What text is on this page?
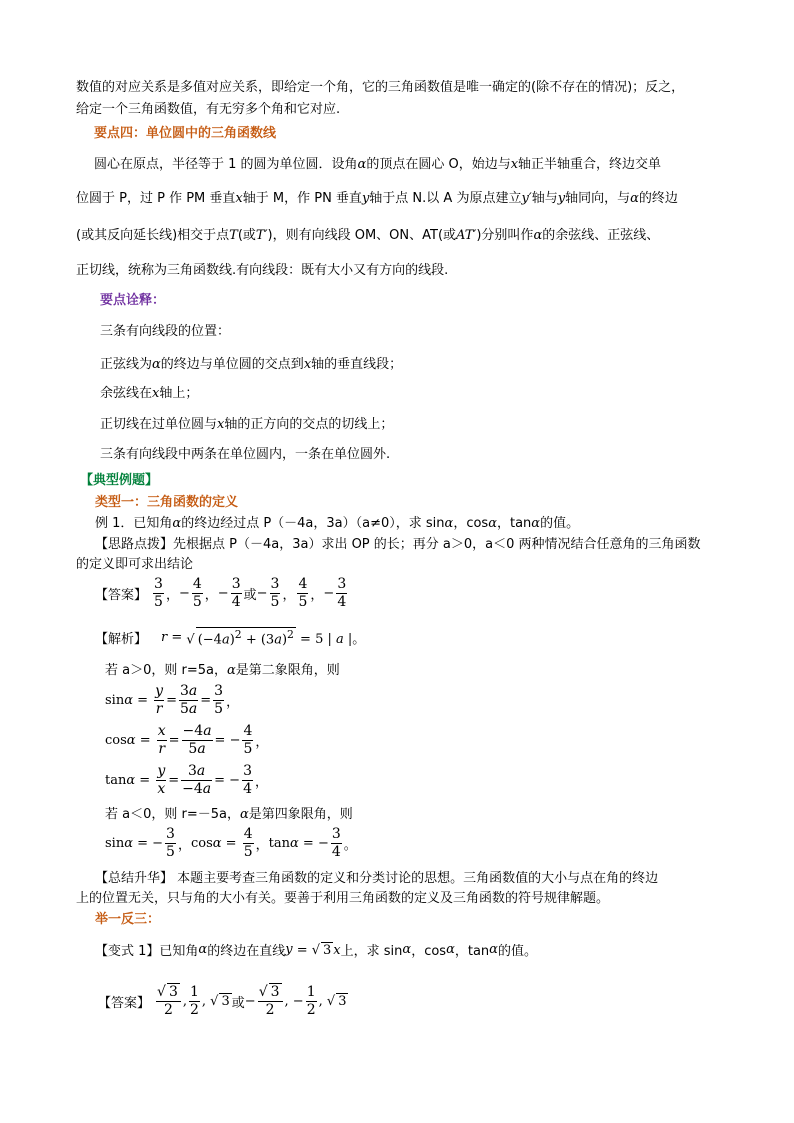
数值的对应关系是多值对应关系，即给定一个角，它的三角函数值是唯一确定的(除不存在的情况)；反之，
给定一个三角函数值，有无穷多个角和它对应.
要点四：单位圆中的三角函数线
圆心在原点，半径等于 1 的圆为单位圆．设角α的顶点在圆心 O，始边与x轴正半轴重合，终边交单
位圆于 P，过 P 作 PM 垂直x轴于 M，作 PN 垂直y轴于点 N.以 A 为原点建立y′轴与y轴同向，与α的终边
(或其反向延长线)相交于点T(或T′)，则有向线段 OM、ON、AT(或AT′)分别叫作α的余弦线、正弦线、
正切线，统称为三角函数线.有向线段：既有大小又有方向的线段.
要点诠释：
三条有向线段的位置：
正弦线为α的终边与单位圆的交点到x轴的垂直线段；
余弦线在x轴上；
正切线在过单位圆与x轴的正方向的交点的切线上；
三条有向线段中两条在单位圆内，一条在单位圆外.
【典型例题】
类型一：三角函数的定义
例 1．已知角α的终边经过点 P（－4a，3a）（a≠0），求 sinα，cosα，tanα的值。
【思路点拨】先根据点 P（－4a，3a）求出 OP 的长；再分 a＞0，a＜0 两种情况结合任意角的三角函数
的定义即可求出结论
【答案】 $\frac{3}{5}$ ， − $\frac{4}{5}$ ， − $\frac{3}{4}$ 或 − $\frac{3}{5}$ ， $\frac{4}{5}$ ， − $\frac{3}{4}$
【解析】 r = √ $(-4a)^2 + (3a)^2 = 5$ | a |。
若 a＞0，则 r=5a，α是第二象限角，则
$\sin \alpha = \frac{y}{r} = \frac{3a}{5a} = \frac{3}{5}$ ，
$\cos \alpha = \frac{x}{r} = \frac{-4a}{5a}$ = − $\frac{4}{5}$ ，
$\tan \alpha = \frac{y}{x} = \frac{3a}{-4a}$ = − $\frac{3}{4}$ ，
若 a＜0，则 r=－5a，α是第四象限角，则
sin α = − $\frac{3}{5}$ ， $\cos \alpha = \frac{4}{5}$ ， tan α = − $\frac{3}{4}$ 。
【总结升华】 本题主要考查三角函数的定义和分类讨论的思想。三角函数值的大小与点在角的终边
上的位置无关，只与角的大小有关。要善于利用三角函数的定义及三角函数的符号规律解题。
举一反三：
【变式 1】已知角 α 的终边在直线 y = √ 3 x 上，求 sin α ，cos α ，tan α 的值。
【答案】 $\frac{√ 3}{2}$ , $\frac{1}{2}$ , √ 3 或 − $\frac{√ 3}{2}$ , − $\frac{1}{2}$ , √ 3
